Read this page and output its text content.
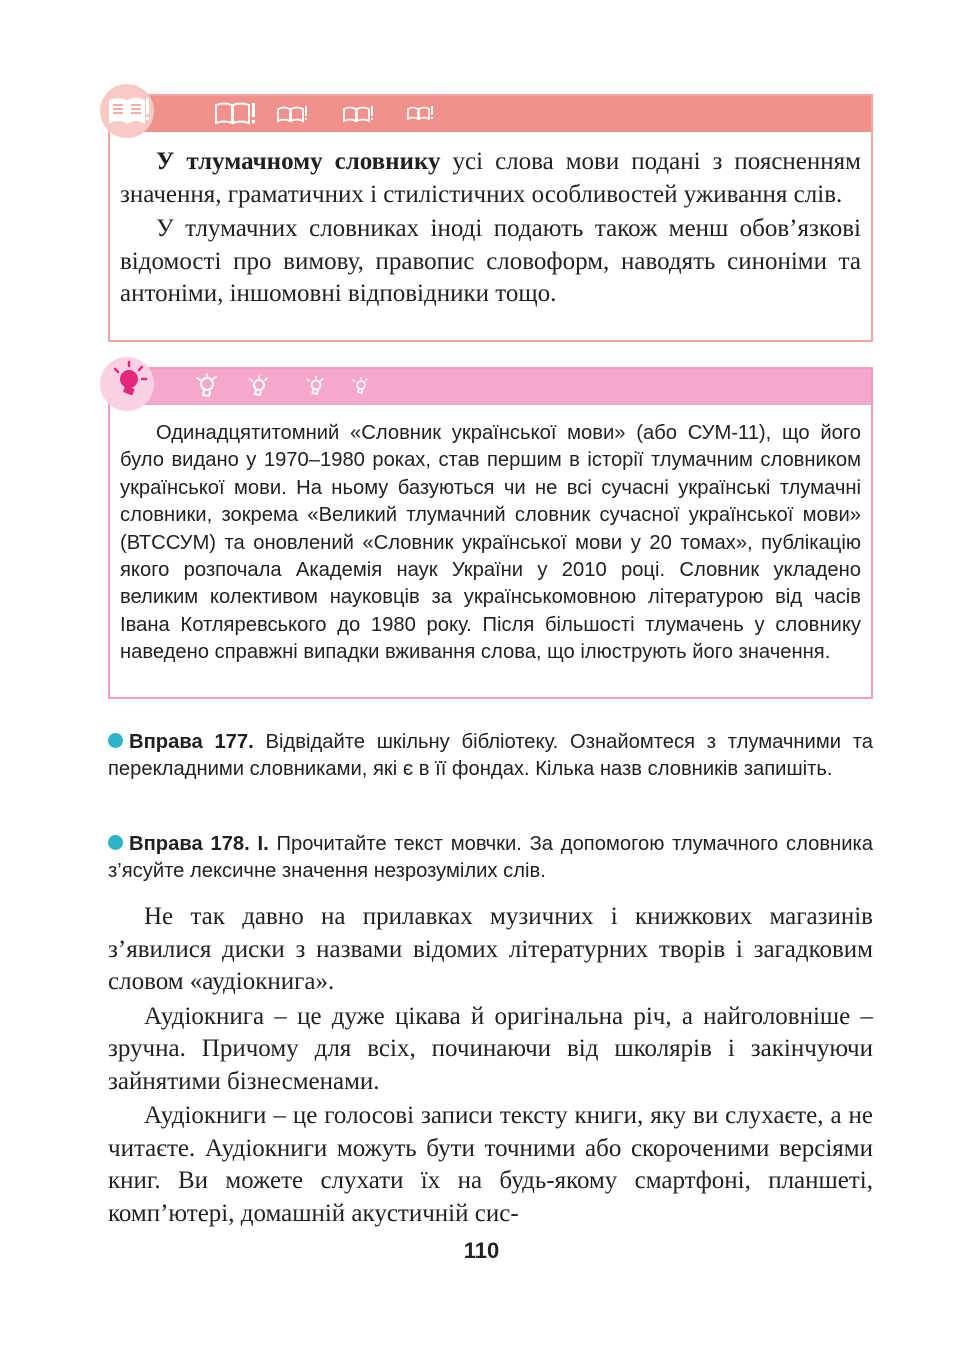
У тлумачному словнику усі слова мови подані з поясненням значення, граматичних і стилістичних особливостей уживання слів.

У тлумачних словниках іноді подають також менш обов’язкові відомості про вимову, правопис словоформ, наводять синоніми та антоніми, іншомовні відповідники тощо.

Одинадцятитомний «Словник української мови» (або СУМ-11), що його було видано у 1970–1980 роках, став першим в історії тлумачним словником української мови. На ньому базуються чи не всі сучасні українські тлумачні словники, зокрема «Великий тлумачний словник сучасної української мови» (ВТССУМ) та оновлений «Словник української мови у 20 томах», публікацію якого розпочала Академія наук України у 2010 році. Словник укладено великим колективом науковців за українськомовною літературою від часів Івана Котляревського до 1980 року. Після більшості тлумачень у словнику наведено справжні випадки вживання слова, що ілюструють його значення.

Вправа 177. Відвідайте шкільну бібліотеку. Ознайомтеся з тлумачними та перекладними словниками, які є в її фондах. Кілька назв словників запишіть.

Вправа 178. І. Прочитайте текст мовчки. За допомогою тлумачного словника з’ясуйте лексичне значення незрозумілих слів.

Не так давно на прилавках музичних і книжкових магазинів з’явилися диски з назвами відомих літературних творів і загадковим словом «аудіокнига».

Аудіокнига – це дуже цікава й оригінальна річ, а найголовніше – зручна. Причому для всіх, починаючи від школярів і закінчуючи зайнятими бізнесменами.

Аудіокниги – це голосові записи тексту книги, яку ви слухаєте, а не читаєте. Аудіокниги можуть бути точними або скороченими версіями книг. Ви можете слухати їх на будь-якому смартфоні, планшеті, комп’ютері, домашній акустичній сис-

110
